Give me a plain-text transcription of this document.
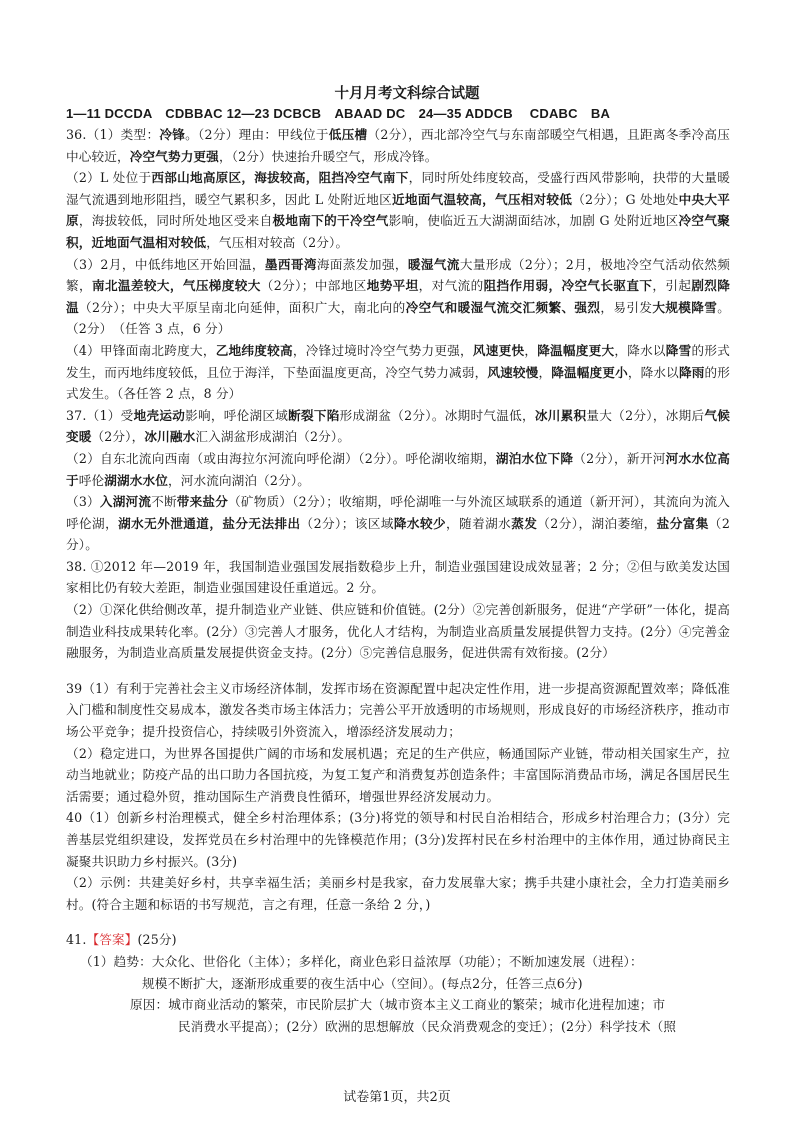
十月月考文科综合试题
1—11 DCCDA　CDBBAC 12—23 DCBCB　ABAAD DC　24—35 ADDCB　 CDABC　BA
36.（1）类型：冷锋。（2分）理由：甲线位于低压槽（2分），西北部冷空气与东南部暖空气相遇，且距离冬季冷高压中心较近，冷空气势力更强，（2分）快速抬升暖空气，形成冷锋。
（2）L 处位于西部山地高原区，海拔较高，阻挡冷空气南下，同时所处纬度较高，受盛行西风带影响，抉带的大量暖湿气流遇到地形阻挡，暖空气累积多，因此 L 处附近地区近地面气温较高，气压相对较低（2分）；G 处地处中央大平原，海拔较低，同时所处地区受来自极地南下的干冷空气影响，使临近五大湖湖面结冰，加剧 G 处附近地区冷空气聚积，近地面气温相对较低，气压相对较高（2分）。
（3）2月，中低纬地区开始回温，墨西哥湾海面蒸发加强，暖湿气流大量形成（2分）；2月，极地冷空气活动依然频繁，南北温差较大，气压梯度较大（2分）；中部地区地势平坦，对气流的阻挡作用弱，冷空气长驱直下，引起剧烈降温（2分）；中央大平原呈南北向延伸，面积广大，南北向的冷空气和暖湿气流交汇频繁、强烈，易引发大规模降雪。（2分）　（任答 3 点，6 分）
（4）甲锋面南北跨度大，乙地纬度较高，冷锋过境时冷空气势力更强，风速更快，降温幅度更大，降水以降雪的形式发生，而丙地纬度较低，且位于海洋，下垫面温度更高，冷空气势力减弱，风速较慢，降温幅度更小，降水以降雨的形式发生。（各任答 2 点，8 分）
37.（1）受地壳运动影响，呼伦湖区域断裂下陷形成湖盆（2分）。冰期时气温低，冰川累积量大（2分），冰期后气候变暖（2分），冰川融水汇入湖盆形成湖泊（2分）。
（2）自东北流向西南（或由海拉尔河流向呼伦湖）（2分）。呼伦湖收缩期，湖泊水位下降（2分），新开河河水水位高于呼伦湖湖水水位，河水流向湖泊（2分）。
（3）入湖河流不断带来盐分（矿物质）（2分）；收缩期，呼伦湖唯一与外流区域联系的通道（新开河），其流向为流入呼伦湖，湖水无外泄通道，盐分无法排出（2分）；该区域降水较少，随着湖水蒸发（2分），湖泊萎缩，盐分富集（2分）。
38. ①2012 年—2019 年，我国制造业强国发展指数稳步上升，制造业强国建设成效显著；2 分；②但与欧美发达国家相比仍有较大差距，制造业强国建设任重道远。2 分。
（2）①深化供给侧改革，提升制造业产业链、供应链和价值链。(2分）②完善创新服务，促进“产学研”一体化，提高制造业科技成果转化率。(2分）③完善人才服务，优化人才结构，为制造业高质量发展提供智力支持。(2分）④完善金融服务，为制造业高质量发展提供资金支持。(2分）⑤完善信息服务，促进供需有效衔接。(2分）
39（1）有利于完善社会主义市场经济体制，发挥市场在资源配置中起决定性作用，进一步提高资源配置效率；降低准入门槛和制度性交易成本，激发各类市场主体活力；完善公平开放透明的市场规则，形成良好的市场经济秩序，推动市场公平竞争；提升投资信心，持续吸引外资流入，增添经济发展动力；
（2）稳定进口，为世界各国提供广阔的市场和发展机遇；充足的生产供应，畅通国际产业链，带动相关国家生产，拉动当地就业；防疫产品的出口助力各国抗疫，为复工复产和消费复苏创造条件；丰富国际消费品市场，满足各国居民生活需要；通过稳外贸，推动国际生产消费良性循环，增强世界经济发展动力。
40（1）创新乡村治理模式，健全乡村治理体系；(3分)将党的领导和村民自治相结合，形成乡村治理合力；(3分）完善基层党组织建设，发挥党员在乡村治理中的先锋模范作用；(3分)发挥村民在乡村治理中的主体作用，通过协商民主凝聚共识助力乡村振兴。(3分)
（2）示例：共建美好乡村，共享幸福生活；美丽乡村是我家，奋力发展靠大家；携手共建小康社会，全力打造美丽乡村。(符合主题和标语的书写规范，言之有理，任意一条给 2 分，)
41.【答案】(25分)
（1）趋势：大众化、世俗化（主体）；多样化，商业色彩日益浓厚（功能）；不断加速发展（进程）：
规模不断扩大，逐渐形成重要的夜生活中心（空间）。(每点2分，任答三点6分)
原因：城市商业活动的繁荣，市民阶层扩大（城市资本主义工商业的繁荣；城市化进程加速；市
民消费水平提高）；(2分）欧洲的思想解放（民众消费观念的变迁）；(2分）科学技术（照
试卷第1页，共2页
